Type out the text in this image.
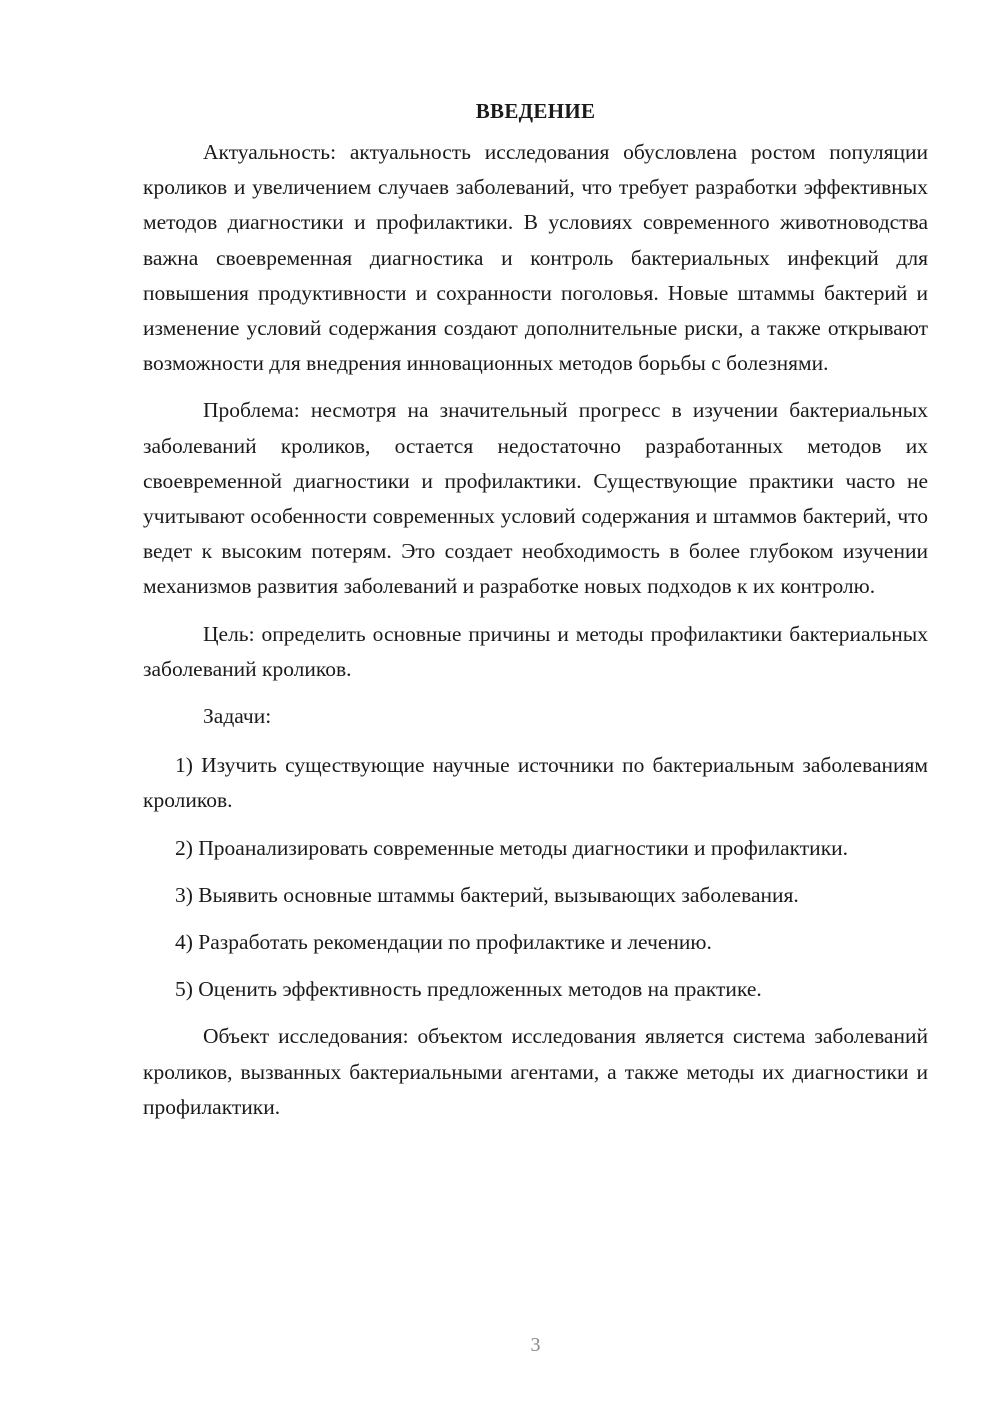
ВВЕДЕНИЕ

Актуальность: актуальность исследования обусловлена ростом популяции кроликов и увеличением случаев заболеваний, что требует разработки эффективных методов диагностики и профилактики. В условиях современного животноводства важна своевременная диагностика и контроль бактериальных инфекций для повышения продуктивности и сохранности поголовья. Новые штаммы бактерий и изменение условий содержания создают дополнительные риски, а также открывают возможности для внедрения инновационных методов борьбы с болезнями.

Проблема: несмотря на значительный прогресс в изучении бактериальных заболеваний кроликов, остается недостаточно разработанных методов их своевременной диагностики и профилактики. Существующие практики часто не учитывают особенности современных условий содержания и штаммов бактерий, что ведет к высоким потерям. Это создает необходимость в более глубоком изучении механизмов развития заболеваний и разработке новых подходов к их контролю.

Цель: определить основные причины и методы профилактики бактериальных заболеваний кроликов.

Задачи:

1) Изучить существующие научные источники по бактериальным заболеваниям кроликов.

2) Проанализировать современные методы диагностики и профилактики.

3) Выявить основные штаммы бактерий, вызывающих заболевания.

4) Разработать рекомендации по профилактике и лечению.

5) Оценить эффективность предложенных методов на практике.

Объект исследования: объектом исследования является система заболеваний кроликов, вызванных бактериальными агентами, а также методы их диагностики и профилактики.

3
